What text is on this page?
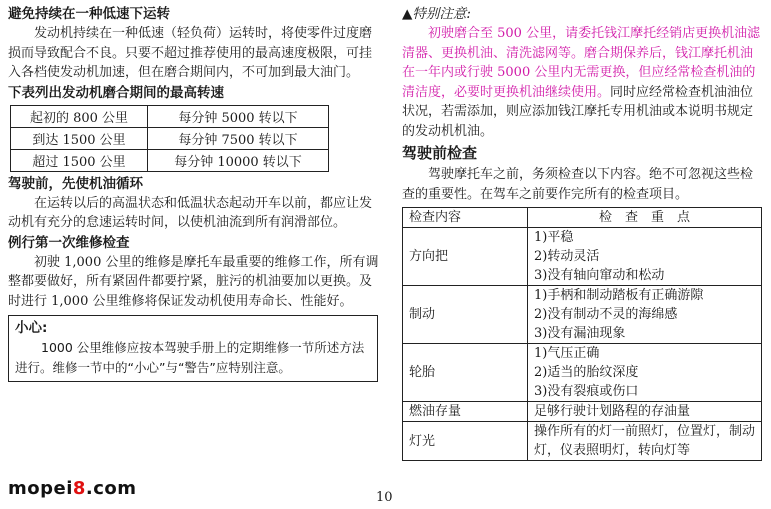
避免持续在一种低速下运转

发动机持续在一种低速（轻负荷）运转时，将使零件过度磨损而导致配合不良。只要不超过推荐使用的最高速度极限，可挂入各档使发动机加速，但在磨合期间内，不可加到最大油门。

下表列出发动机磨合期间的最高转速

起初的 800 公里	每分钟 5000 转以下
到达 1500 公里	每分钟 7500 转以下
超过 1500 公里	每分钟 10000 转以下

驾驶前，先使机油循环

在运转以后的高温状态和低温状态起动开车以前，都应让发动机有充分的怠速运转时间，以使机油流到所有润滑部位。

例行第一次维修检查

初驶 1,000 公里的维修是摩托车最重要的维修工作，所有调整都要做好，所有紧固件都要拧紧，脏污的机油要加以更换。及时进行 1,000 公里维修将保证发动机使用寿命长、性能好。

小心:

1000 公里维修应按本驾驶手册上的定期维修一节所述方法进行。维修一节中的“小心”与“警告”应特别注意。

▲特别注意:

初驶磨合至 500 公里，请委托钱江摩托经销店更换机油滤清器、更换机油、清洗滤网等。磨合期保养后，钱江摩托机油在一年内或行驶 5000 公里内无需更换，但应经常检查机油的清洁度，必要时更换机油继续使用。同时应经常检查机油油位状况，若需添加，则应添加钱江摩托专用机油或本说明书规定的发动机机油。

驾驶前检查

驾驶摩托车之前，务须检查以下内容。绝不可忽视这些检查的重要性。在驾车之前要作完所有的检查项目。

检查内容	检　查　重　点
方向把	1)平稳
2)转动灵活
3)没有轴向窜动和松动

制动	1)手柄和制动踏板有正确游隙
2)没有制动不灵的海绵感
3)没有漏油现象

轮胎	1)气压正确
2)适当的胎纹深度
3)没有裂痕或伤口

燃油存量	足够行驶计划路程的存油量

灯光	操作所有的灯一前照灯，位置灯，制动灯，仪表照明灯，转向灯等
10
mopei8.com
